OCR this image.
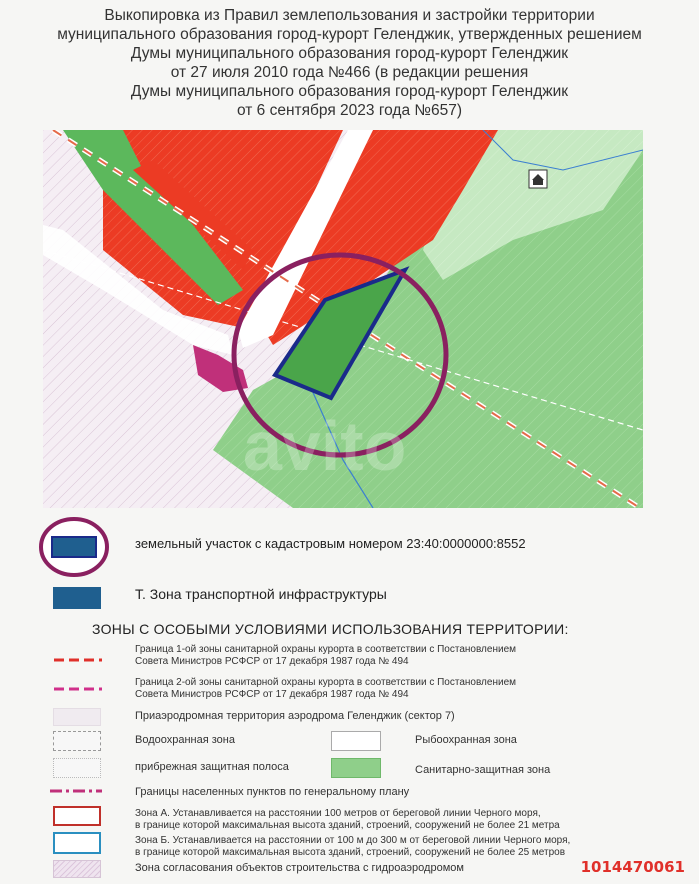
Выкопировка из Правил землепользования и застройки территории
муниципального образования город-курорт Геленджик, утвержденных решением
Думы муниципального образования город-курорт Геленджик
от 27 июля 2010 года №466 (в редакции решения
Думы муниципального образования город-курорт Геленджик
от 6 сентября 2023 года №657)
avito
земельный участок с кадастровым номером 23:40:0000000:8552
Т. Зона транспортной инфраструктуры
ЗОНЫ С ОСОБЫМИ УСЛОВИЯМИ ИСПОЛЬЗОВАНИЯ ТЕРРИТОРИИ:
Граница 1-ой зоны санитарной охраны курорта в соответствии с Постановлением
Совета Министров РСФСР от 17 декабря 1987 года № 494
Граница 2-ой зоны санитарной охраны курорта в соответствии с Постановлением
Совета Министров РСФСР от 17 декабря 1987 года № 494
Приаэродромная территория аэродрома Геленджик (сектор 7)
Водоохранная зона	Рыбоохранная зона
прибрежная защитная полоса	Санитарно-защитная зона
Границы населенных пунктов по генеральному плану
Зона А. Устанавливается на расстоянии 100 метров от береговой линии Черного моря,
в границе которой максимальная высота зданий, строений, сооружений не более 21 метра
Зона Б. Устанавливается на расстоянии от 100 м до 300 м от береговой линии Черного моря,
в границе которой максимальная высота зданий, строений, сооружений не более 25 метров
Зона согласования объектов строительства с гидроаэродромом	1014470061
